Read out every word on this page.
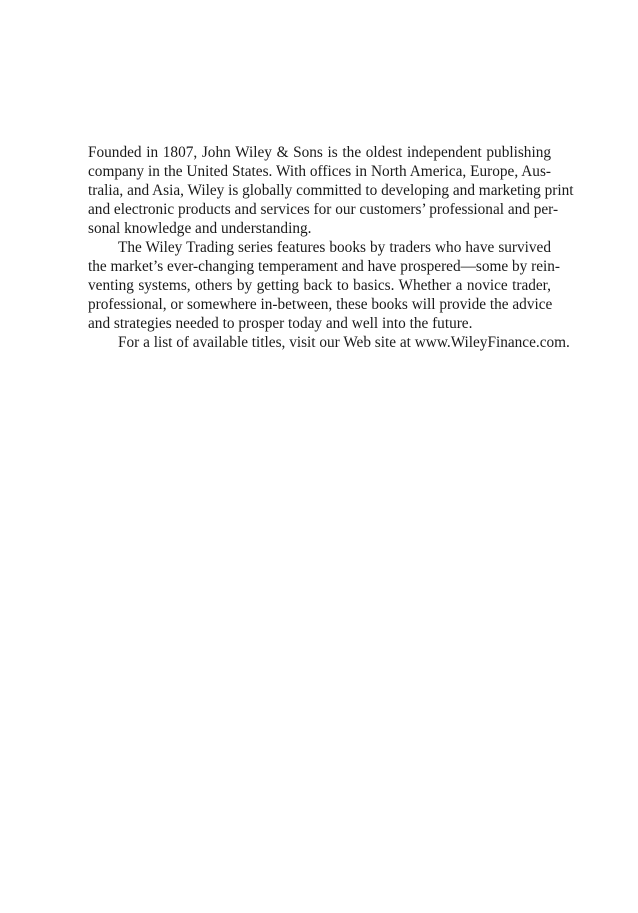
Founded in 1807, John Wiley & Sons is the oldest independent publishing
company in the United States. With offices in North America, Europe, Aus-
tralia, and Asia, Wiley is globally committed to developing and marketing print
and electronic products and services for our customers’ professional and per-
sonal knowledge and understanding.
The Wiley Trading series features books by traders who have survived
the market’s ever-changing temperament and have prospered—some by rein-
venting systems, others by getting back to basics. Whether a novice trader,
professional, or somewhere in-between, these books will provide the advice
and strategies needed to prosper today and well into the future.
For a list of available titles, visit our Web site at www.WileyFinance.com.
